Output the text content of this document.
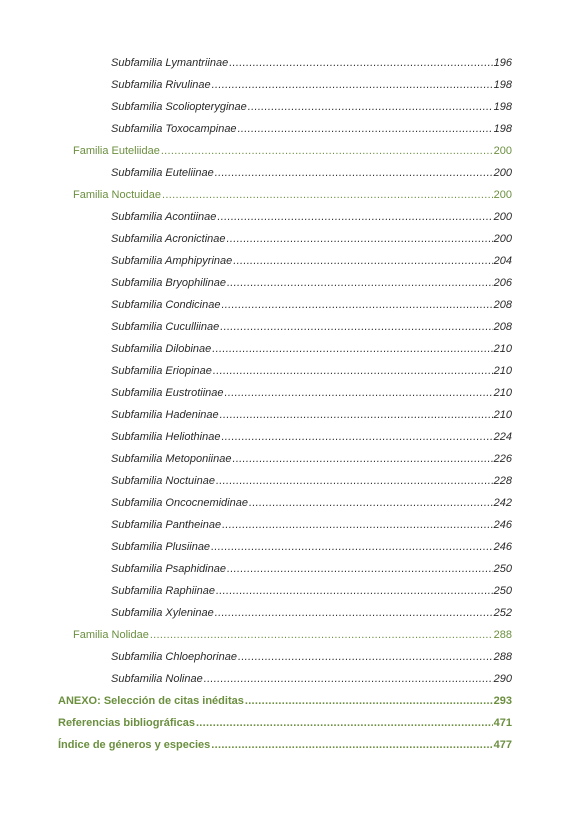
Subfamilia Lymantriinae .....	196
Subfamilia Rivulinae .....	198
Subfamilia Scoliopteryginae .....	198
Subfamilia Toxocampinae .....	198
Familia Euteliidae .....	200
Subfamilia Euteliinae .....	200
Familia Noctuidae .....	200
Subfamilia Acontiinae .....	200
Subfamilia Acronictinae .....	200
Subfamilia Amphipyrinae .....	204
Subfamilia Bryophilinae .....	206
Subfamilia Condicinae .....	208
Subfamilia Cuculliinae .....	208
Subfamilia Dilobinae .....	210
Subfamilia Eriopinae .....	210
Subfamilia Eustrotiinae .....	210
Subfamilia Hadeninae .....	210
Subfamilia Heliothinae .....	224
Subfamilia Metoponiinae .....	226
Subfamilia Noctuinae .....	228
Subfamilia Oncocnemidinae .....	242
Subfamilia Pantheinae .....	246
Subfamilia Plusiinae .....	246
Subfamilia Psaphidinae .....	250
Subfamilia Raphiinae .....	250
Subfamilia Xyleninae .....	252
Familia Nolidae .....	288
Subfamilia Chloephorinae .....	288
Subfamilia Nolinae .....	290
ANEXO: Selección de citas inéditas .....	293
Referencias bibliográficas .....	471
Índice de géneros y especies .....	477
